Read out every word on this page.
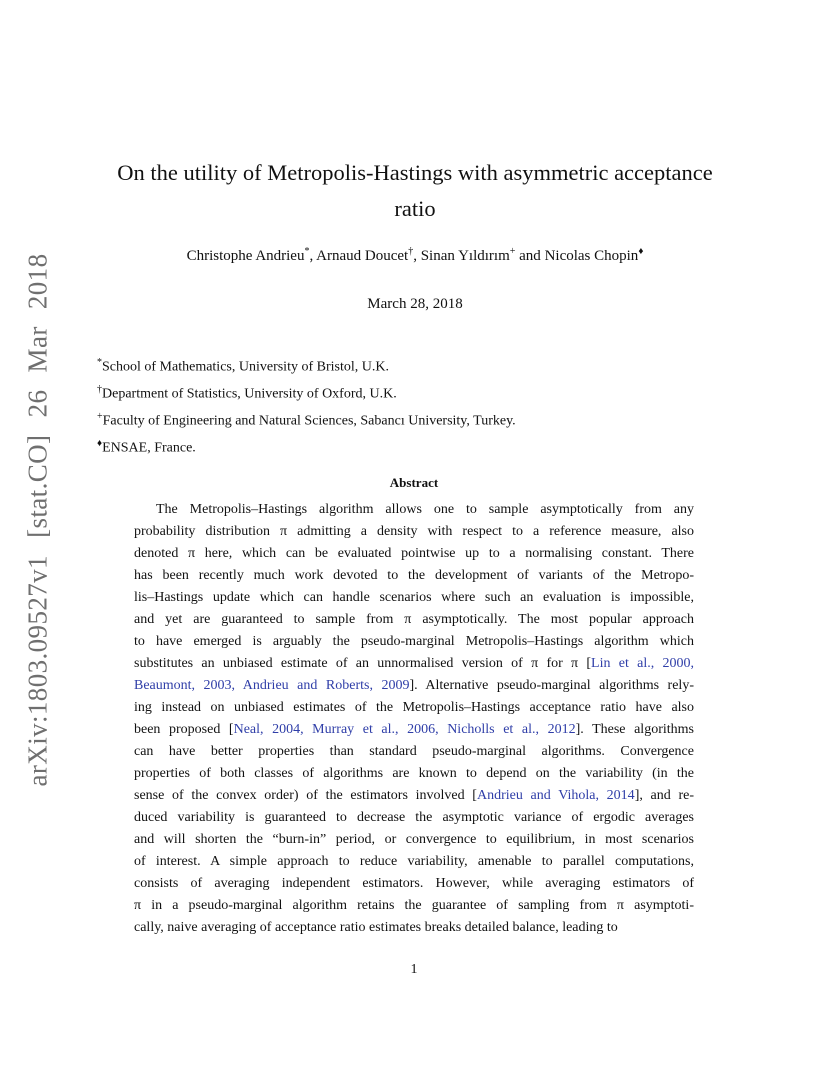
arXiv:1803.09527v1 [stat.CO] 26 Mar 2018
On the utility of Metropolis-Hastings with asymmetric acceptance
ratio
Christophe Andrieu*, Arnaud Doucet†, Sinan Yıldırım+ and Nicolas Chopin♦
March 28, 2018
*School of Mathematics, University of Bristol, U.K.
†Department of Statistics, University of Oxford, U.K.
+Faculty of Engineering and Natural Sciences, Sabancı University, Turkey.
♦ENSAE, France.
Abstract
The Metropolis–Hastings algorithm allows one to sample asymptotically from any
probability distribution π admitting a density with respect to a reference measure, also
denoted π here, which can be evaluated pointwise up to a normalising constant. There
has been recently much work devoted to the development of variants of the Metropo-
lis–Hastings update which can handle scenarios where such an evaluation is impossible,
and yet are guaranteed to sample from π asymptotically. The most popular approach
to have emerged is arguably the pseudo-marginal Metropolis–Hastings algorithm which
substitutes an unbiased estimate of an unnormalised version of π for π [Lin et al., 2000,
Beaumont, 2003, Andrieu and Roberts, 2009]. Alternative pseudo-marginal algorithms rely-
ing instead on unbiased estimates of the Metropolis–Hastings acceptance ratio have also
been proposed [Neal, 2004, Murray et al., 2006, Nicholls et al., 2012]. These algorithms
can have better properties than standard pseudo-marginal algorithms. Convergence
properties of both classes of algorithms are known to depend on the variability (in the
sense of the convex order) of the estimators involved [Andrieu and Vihola, 2014], and re-
duced variability is guaranteed to decrease the asymptotic variance of ergodic averages
and will shorten the “burn-in” period, or convergence to equilibrium, in most scenarios
of interest. A simple approach to reduce variability, amenable to parallel computations,
consists of averaging independent estimators. However, while averaging estimators of
π in a pseudo-marginal algorithm retains the guarantee of sampling from π asymptoti-
cally, naive averaging of acceptance ratio estimates breaks detailed balance, leading to
1
